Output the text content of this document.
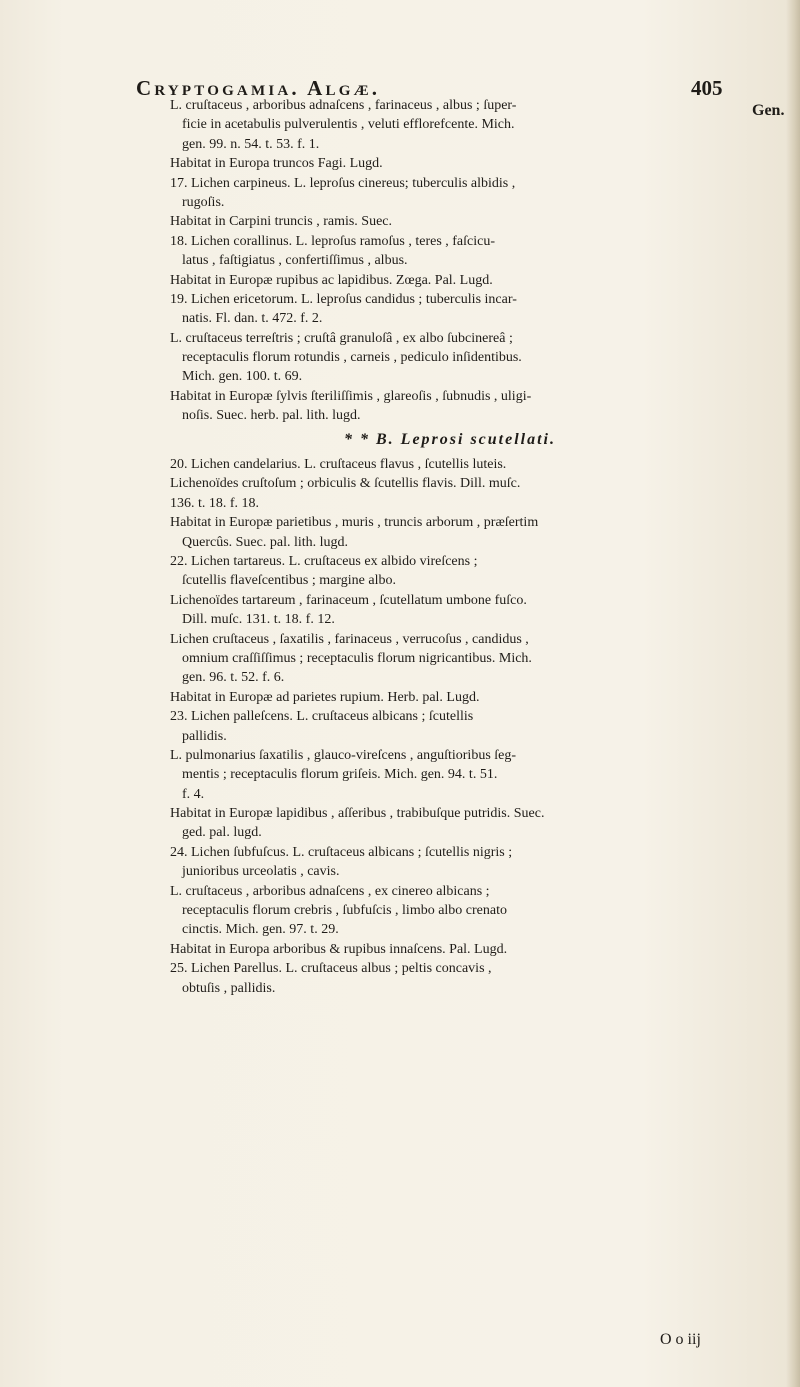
Cryptogamia. Algæ.	405
Gen.
L. cruſtaceus , arboribus adnaſcens , farinaceus , albus ; ſuper-
ficie in acetabulis pulverulentis , veluti efflorefcente. Mich.
gen. 99. n. 54. t. 53. f. 1.
Habitat in Europa truncos Fagi. Lugd.
17. Lichen carpineus. L. leproſus cinereus; tuberculis albidis ,
rugoſis.
Habitat in Carpini truncis , ramis. Suec.
18. Lichen corallinus. L. leproſus ramoſus , teres , faſcicu-
latus , faſtigiatus , confertiſſimus , albus.
Habitat in Europæ rupibus ac lapidibus. Zœga. Pal. Lugd.
19. Lichen ericetorum. L. leproſus candidus ; tuberculis incar-
natis. Fl. dan. t. 472. f. 2.
L. cruſtaceus terreſtris ; cruſtâ granuloſâ , ex albo ſubcinereâ ;
receptaculis florum rotundis , carneis , pediculo inſidentibus.
Mich. gen. 100. t. 69.
Habitat in Europæ ſylvis ſteriliſſimis , glareoſis , ſubnudis , uligi-
noſis. Suec. herb. pal. lith. lugd.
* * B. Leprosi scutellati.
20. Lichen candelarius. L. cruſtaceus flavus , ſcutellis luteis.
Lichenoïdes cruſtoſum ; orbiculis & ſcutellis flavis. Dill. muſc.
136. t. 18. f. 18.
Habitat in Europæ parietibus , muris , truncis arborum , præſertim
Quercûs. Suec. pal. lith. lugd.
22. Lichen tartareus. L. cruſtaceus ex albido vireſcens ;
ſcutellis flaveſcentibus ; margine albo.
Lichenoïdes tartareum , farinaceum , ſcutellatum umbone fuſco.
Dill. muſc. 131. t. 18. f. 12.
Lichen cruſtaceus , ſaxatilis , farinaceus , verrucoſus , candidus ,
omnium craſſiſſimus ; receptaculis florum nigricantibus. Mich.
gen. 96. t. 52. f. 6.
Habitat in Europæ ad parietes rupium. Herb. pal. Lugd.
23. Lichen palleſcens. L. cruſtaceus albicans ; ſcutellis
pallidis.
L. pulmonarius ſaxatilis , glauco-vireſcens , anguſtioribus ſeg-
mentis ; receptaculis florum griſeis. Mich. gen. 94. t. 51.
f. 4.
Habitat in Europæ lapidibus , aſſeribus , trabibuſque putridis. Suec.
ged. pal. lugd.
24. Lichen ſubfuſcus. L. cruſtaceus albicans ; ſcutellis nigris ;
junioribus urceolatis , cavis.
L. cruſtaceus , arboribus adnaſcens , ex cinereo albicans ;
receptaculis florum crebris , ſubfuſcis , limbo albo crenato
cinctis. Mich. gen. 97. t. 29.
Habitat in Europa arboribus & rupibus innaſcens. Pal. Lugd.
25. Lichen Parellus. L. cruſtaceus albus ; peltis concavis ,
obtuſis , pallidis.
O o iij
